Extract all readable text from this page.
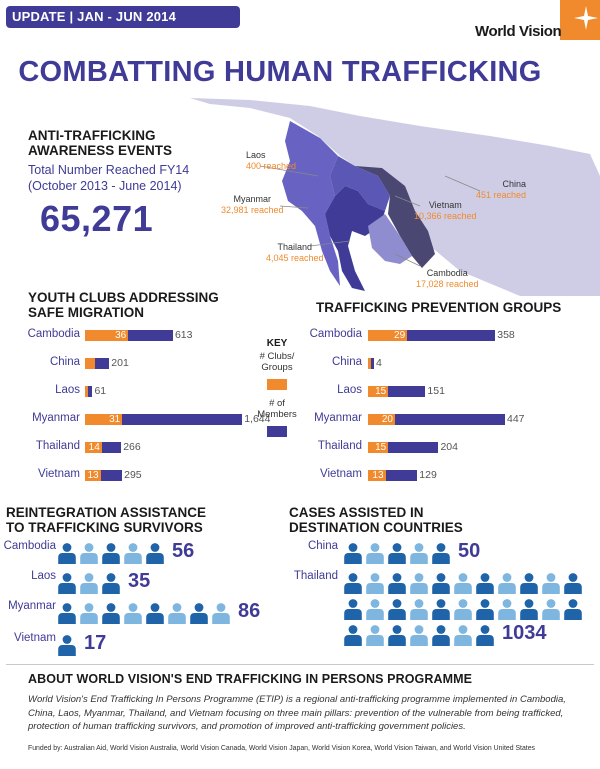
UPDATE | JAN - JUN 2014
World Vision
COMBATTING HUMAN TRAFFICKING
ANTI-TRAFFICKING
AWARENESS EVENTS
Total Number Reached FY14
(October 2013 - June 2014)
65,271
Laos
400 reached
Myanmar
32,981 reached
China
451 reached
Vietnam
10,366 reached
Thailand
4,045 reached
Cambodia
17,028 reached
YOUTH CLUBS ADDRESSING
SAFE MIGRATION
Cambodia	36	613
China	201
Laos 61
Myanmar	31	1,644
Thailand 14 266
Vietnam 13 295
KEY
# Clubs/ Groups
# of Members
TRAFFICKING PREVENTION GROUPS
Cambodia	29	358
China 4
Laos	15	151
Myanmar	20	447
Thailand	15	204
Vietnam	13	129
REINTEGRATION ASSISTANCE
TO TRAFFICKING SURVIVORS
Cambodia	56
Laos	35
Myanmar	86
Vietnam 17
CASES ASSISTED IN
DESTINATION COUNTRIES
China	50
Thailand
1034
ABOUT WORLD VISION'S END TRAFFICKING IN PERSONS PROGRAMME
World Vision's End Trafficking In Persons Programme (ETIP) is a regional anti-trafficking programme implemented in Cambodia, China, Laos, Myanmar, Thailand, and Vietnam focusing on three main pillars: prevention of the vulnerable from being trafficked, protection of human trafficking survivors, and promotion of improved anti-trafficking government policies.
Funded by: Australian Aid, World Vision Australia, World Vision Canada, World Vision Japan, World Vision Korea, World Vision Taiwan, and World Vision United States
